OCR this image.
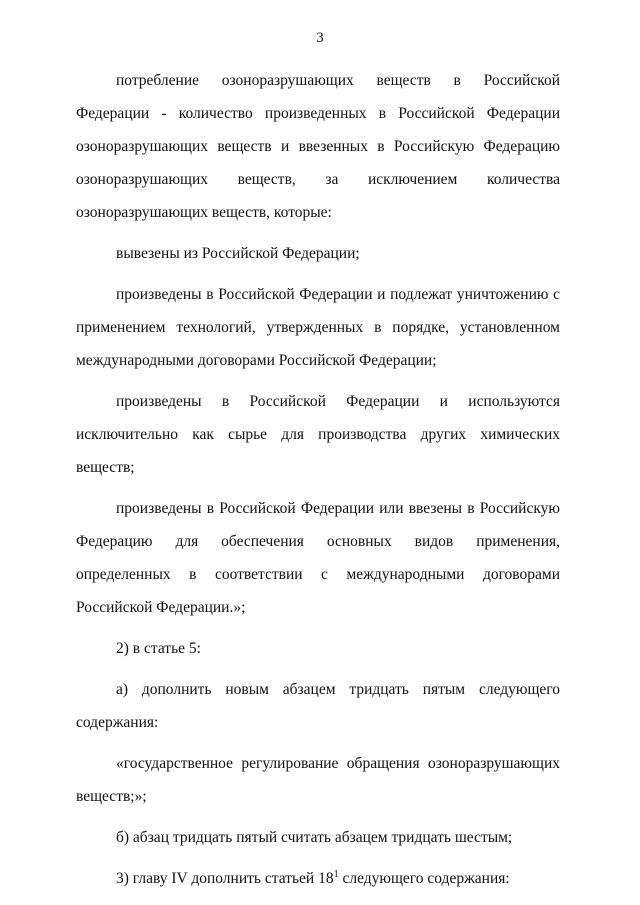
3

потребление озоноразрушающих веществ в Российской Федерации - количество произведенных в Российской Федерации озоноразрушающих веществ и ввезенных в Российскую Федерацию озоноразрушающих веществ, за исключением количества озоноразрушающих веществ, которые:

вывезены из Российской Федерации;

произведены в Российской Федерации и подлежат уничтожению с применением технологий, утвержденных в порядке, установленном международными договорами Российской Федерации;

произведены в Российской Федерации и используются исключительно как сырье для производства других химических веществ;

произведены в Российской Федерации или ввезены в Российскую Федерацию для обеспечения основных видов применения, определенных в соответствии с международными договорами Российской Федерации.»;

2) в статье 5:

а) дополнить новым абзацем тридцать пятым следующего содержания:

«государственное регулирование обращения озоноразрушающих веществ;»;

б) абзац тридцать пятый считать абзацем тридцать шестым;

3) главу IV дополнить статьей $18^1$ следующего содержания:
